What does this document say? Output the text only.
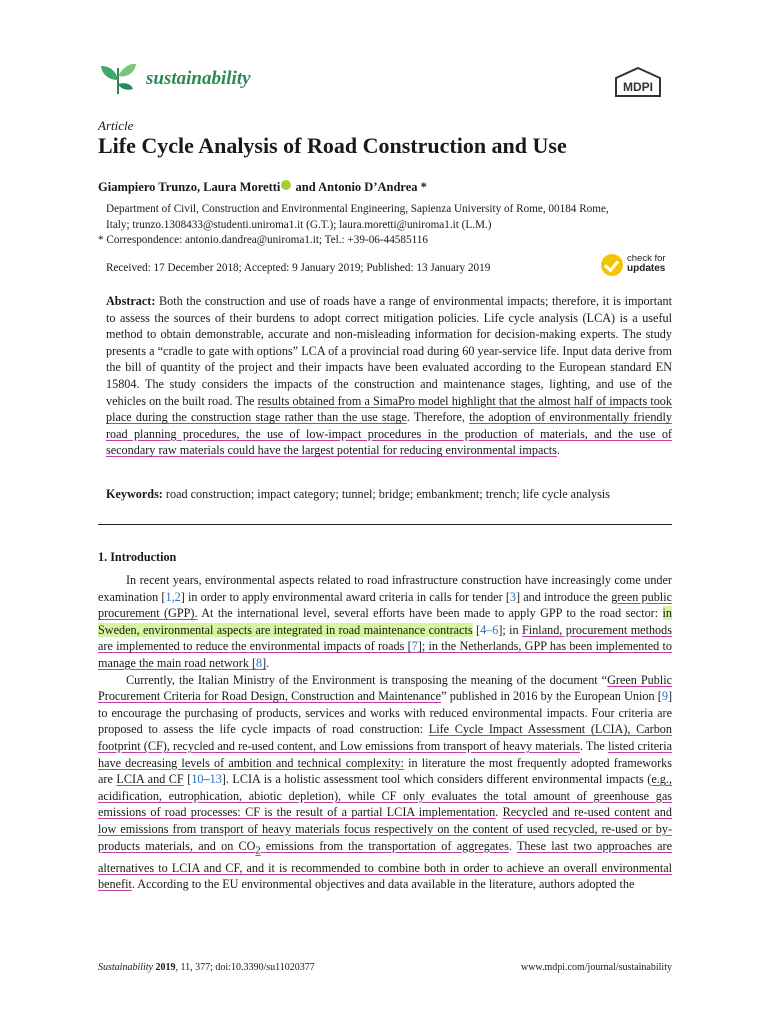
sustainability	MDPI
Article
Life Cycle Analysis of Road Construction and Use
Giampiero Trunzo, Laura Moretti and Antonio D’Andrea *
Department of Civil, Construction and Environmental Engineering, Sapienza University of Rome, 00184 Rome,
Italy; trunzo.1308433@studenti.uniroma1.it (G.T.); laura.moretti@uniroma1.it (L.M.)
* Correspondence: antonio.dandrea@uniroma1.it; Tel.: +39-06-44585116
Received: 17 December 2018; Accepted: 9 January 2019; Published: 13 January 2019
check for
updates
Abstract: Both the construction and use of roads have a range of environmental impacts; therefore, it is important to assess the sources of their burdens to adopt correct mitigation policies. Life cycle analysis (LCA) is a useful method to obtain demonstrable, accurate and non-misleading information for decision-making experts. The study presents a “cradle to gate with options” LCA of a provincial road during 60 year-service life. Input data derive from the bill of quantity of the project and their impacts have been evaluated according to the European standard EN 15804. The study considers the impacts of the construction and maintenance stages, lighting, and use of the vehicles on the built road. The results obtained from a SimaPro model highlight that the almost half of impacts took place during the construction stage rather than the use stage. Therefore, the adoption of environmentally friendly road planning procedures, the use of low-impact procedures in the production of materials, and the use of secondary raw materials could have the largest potential for reducing environmental impacts.
Keywords: road construction; impact category; tunnel; bridge; embankment; trench; life cycle analysis
1. Introduction
In recent years, environmental aspects related to road infrastructure construction have increasingly come under examination [1,2] in order to apply environmental award criteria in calls for tender [3] and introduce the green public procurement (GPP). At the international level, several efforts have been made to apply GPP to the road sector: in Sweden, environmental aspects are integrated in road maintenance contracts [4–6]; in Finland, procurement methods are implemented to reduce the environmental impacts of roads [7]; in the Netherlands, GPP has been implemented to manage the main road network [8].
Currently, the Italian Ministry of the Environment is transposing the meaning of the document “Green Public Procurement Criteria for Road Design, Construction and Maintenance” published in 2016 by the European Union [9] to encourage the purchasing of products, services and works with reduced environmental impacts. Four criteria are proposed to assess the life cycle impacts of road construction: Life Cycle Impact Assessment (LCIA), Carbon footprint (CF), recycled and re-used content, and Low emissions from transport of heavy materials. The listed criteria have decreasing levels of ambition and technical complexity: in literature the most frequently adopted frameworks are LCIA and CF [10–13]. LCIA is a holistic assessment tool which considers different environmental impacts (e.g., acidification, eutrophication, abiotic depletion), while CF only evaluates the total amount of greenhouse gas emissions of road processes: CF is the result of a partial LCIA implementation. Recycled and re-used content and low emissions from transport of heavy materials focus respectively on the content of used recycled, re-used or by-products materials, and on $CO_2$ emissions from the transportation of aggregates. These last two approaches are alternatives to LCIA and CF, and it is recommended to combine both in order to achieve an overall environmental benefit. According to the EU environmental objectives and data available in the literature, authors adopted the
Sustainability 2019, 11, 377; doi:10.3390/su11020377	www.mdpi.com/journal/sustainability
